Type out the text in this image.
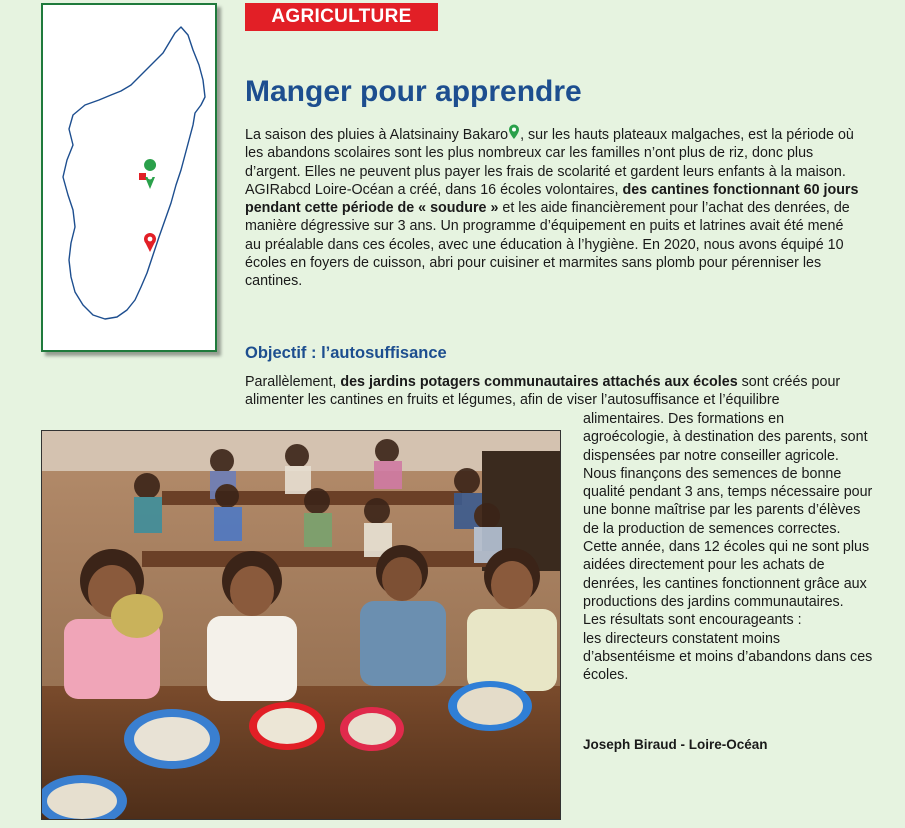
AGRICULTURE
Manger pour apprendre

La saison des pluies à Alatsinainy Bakaro , sur les hauts plateaux malgaches, est la période où les abandons scolaires sont les plus nombreux car les familles n’ont plus de riz, donc plus d’argent. Elles ne peuvent plus payer les frais de scolarité et gardent leurs enfants à la maison.

AGIRabcd Loire-Océan a créé, dans 16 écoles volontaires, des cantines fonctionnant 60 jours pendant cette période de « soudure » et les aide financièrement pour l’achat des denrées, de manière dégressive sur 3 ans. Un programme d’équipement en puits et latrines avait été mené au préalable dans ces écoles, avec une éducation à l’hygiène. En 2020, nous avons équipé 10 écoles en foyers de cuisson, abri pour cuisiner et marmites sans plomb pour pérenniser les cantines.

Objectif : l’autosuffisance

Parallèlement, des jardins potagers communautaires attachés aux écoles sont créés pour alimenter les cantines en fruits et légumes, afin de viser l’autosuffisance et l’équilibre

alimentaires. Des formations en agroécologie, à destination des parents, sont dispensées par notre conseiller agricole. Nous finançons des semences de bonne qualité pendant 3 ans, temps nécessaire pour une bonne maîtrise par les parents d’élèves de la production de semences correctes.

Cette année, dans 12 écoles qui ne sont plus aidées directement pour les achats de denrées, les cantines fonctionnent grâce aux productions des jardins communautaires.

Les résultats sont encourageants :

les directeurs constatent moins d’absentéisme et moins d’abandons dans ces écoles.

Joseph Biraud - Loire-Océan
